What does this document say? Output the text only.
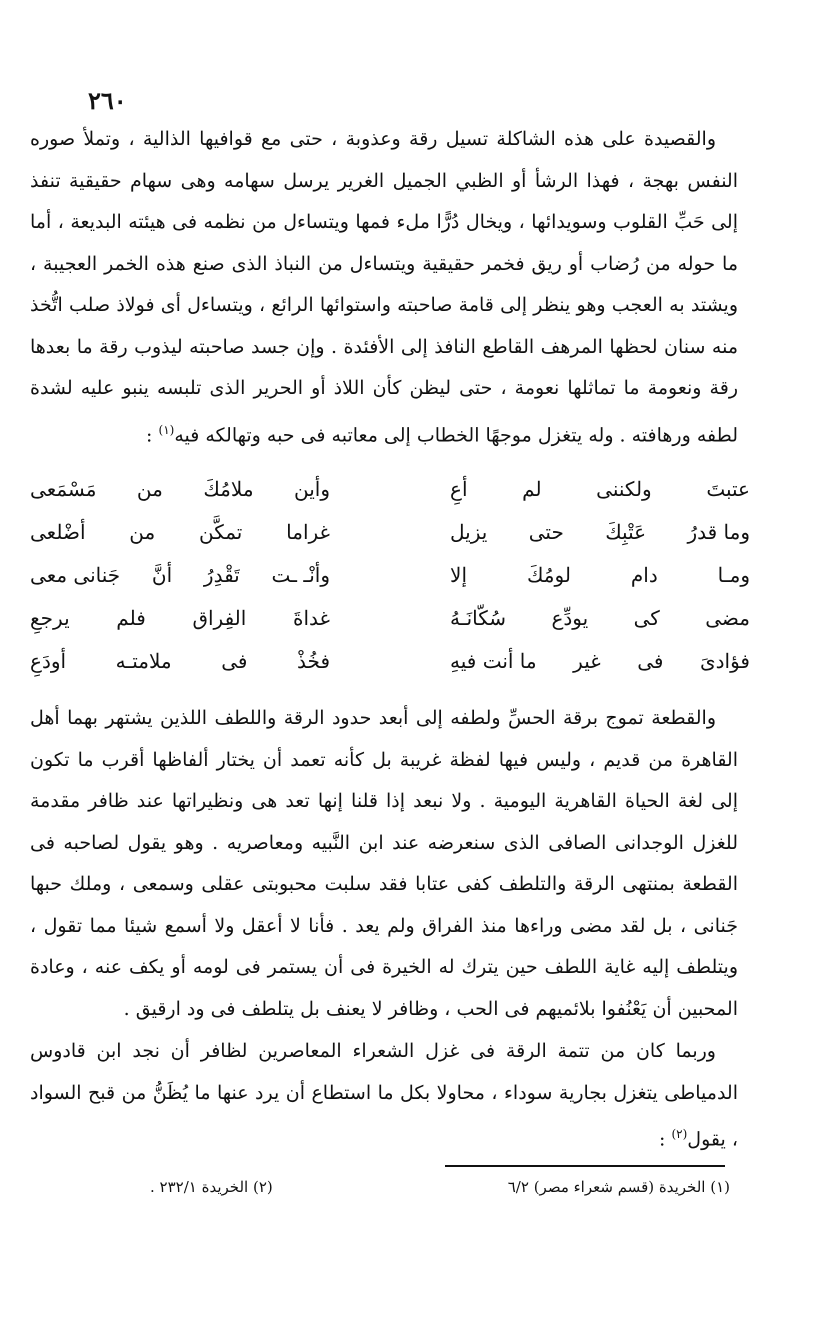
٢٦٠

والقصيدة على هذه الشاكلة تسيل رقة وعذوبة ، حتى مع قوافيها الذالية ، وتملأ صوره النفس بهجة ، فهذا الرشأ أو الظبي الجميل الغرير يرسل سهامه وهى سهام حقيقية تنفذ إلى حَبِّ القلوب وسويدائها ، ويخال دُرًّا ملء فمها ويتساءل من نظمه فى هيئته البديعة ، أما ما حوله من رُضاب أو ريق فخمر حقيقية ويتساءل من النباذ الذى صنع هذه الخمر العجيبة ، ويشتد به العجب وهو ينظر إلى قامة صاحبته واستوائها الرائع ، ويتساءل أى فولاذ صلب اتُّخذ منه سنان لحظها المرهف القاطع النافذ إلى الأفئدة . وإن جسد صاحبته ليذوب رقة ما بعدها رقة ونعومة ما تماثلها نعومة ، حتى ليظن كأن اللاذ أو الحرير الذى تلبسه ينبو عليه لشدة لطفه ورهافته . وله يتغزل موجهًا الخطاب إلى معاتبه فى حبه وتهالكه فيه$^{(١)}$ :

عتبتَ
ولكننى
لم
أعِ
وأين
ملامُكَ
من
مَسْمَعى
وما قدرُ
عَتْبِكَ
حتى
يزيل
غراما
تمكَّن
من
أضْلعى
ومـا
دام
لومُكَ
إلا
وأنْـ ـت
تَقْدِرُ
أنَّ
جَنانى معى
مضى
كى
يودِّع
سُكّانَـهُ
غداةَ
الفِراق
فلم
يرجعِ
فؤادىَ
فى
غير
ما أنت فيهِ
فخُذْ
فى
ملامتـه
أودَعِ

والقطعة تموج برقة الحسِّ ولطفه إلى أبعد حدود الرقة واللطف اللذين يشتهر بهما أهل القاهرة من قديم ، وليس فيها لفظة غريبة بل كأنه تعمد أن يختار ألفاظها أقرب ما تكون إلى لغة الحياة القاهرية اليومية . ولا نبعد إذا قلنا إنها تعد هى ونظيراتها عند ظافر مقدمة للغزل الوجدانى الصافى الذى سنعرضه عند ابن النَّبيه ومعاصريه . وهو يقول لصاحبه فى القطعة بمنتهى الرقة والتلطف كفى عتابا فقد سلبت محبوبتى عقلى وسمعى ، وملك حبها جَنانى ، بل لقد مضى وراءها منذ الفراق ولم يعد . فأنا لا أعقل ولا أسمع شيئا مما تقول ، ويتلطف إليه غاية اللطف حين يترك له الخيرة فى أن يستمر فى لومه أو يكف عنه ، وعادة المحبين أن يَعْنُفوا بلائميهم فى الحب ، وظافر لا يعنف بل يتلطف فى ود ارقيق .

وربما كان من تتمة الرقة فى غزل الشعراء المعاصرين لظافر أن نجد ابن قادوس الدمياطى يتغزل بجارية سوداء ، محاولا بكل ما استطاع أن يرد عنها ما يُظَنُّ من قبح السواد ، يقول$^{(٢)}$ :

(١) الخريدة (قسم شعراء مصر) ٦/٢
(٢) الخريدة ٢٣٢/١ .
